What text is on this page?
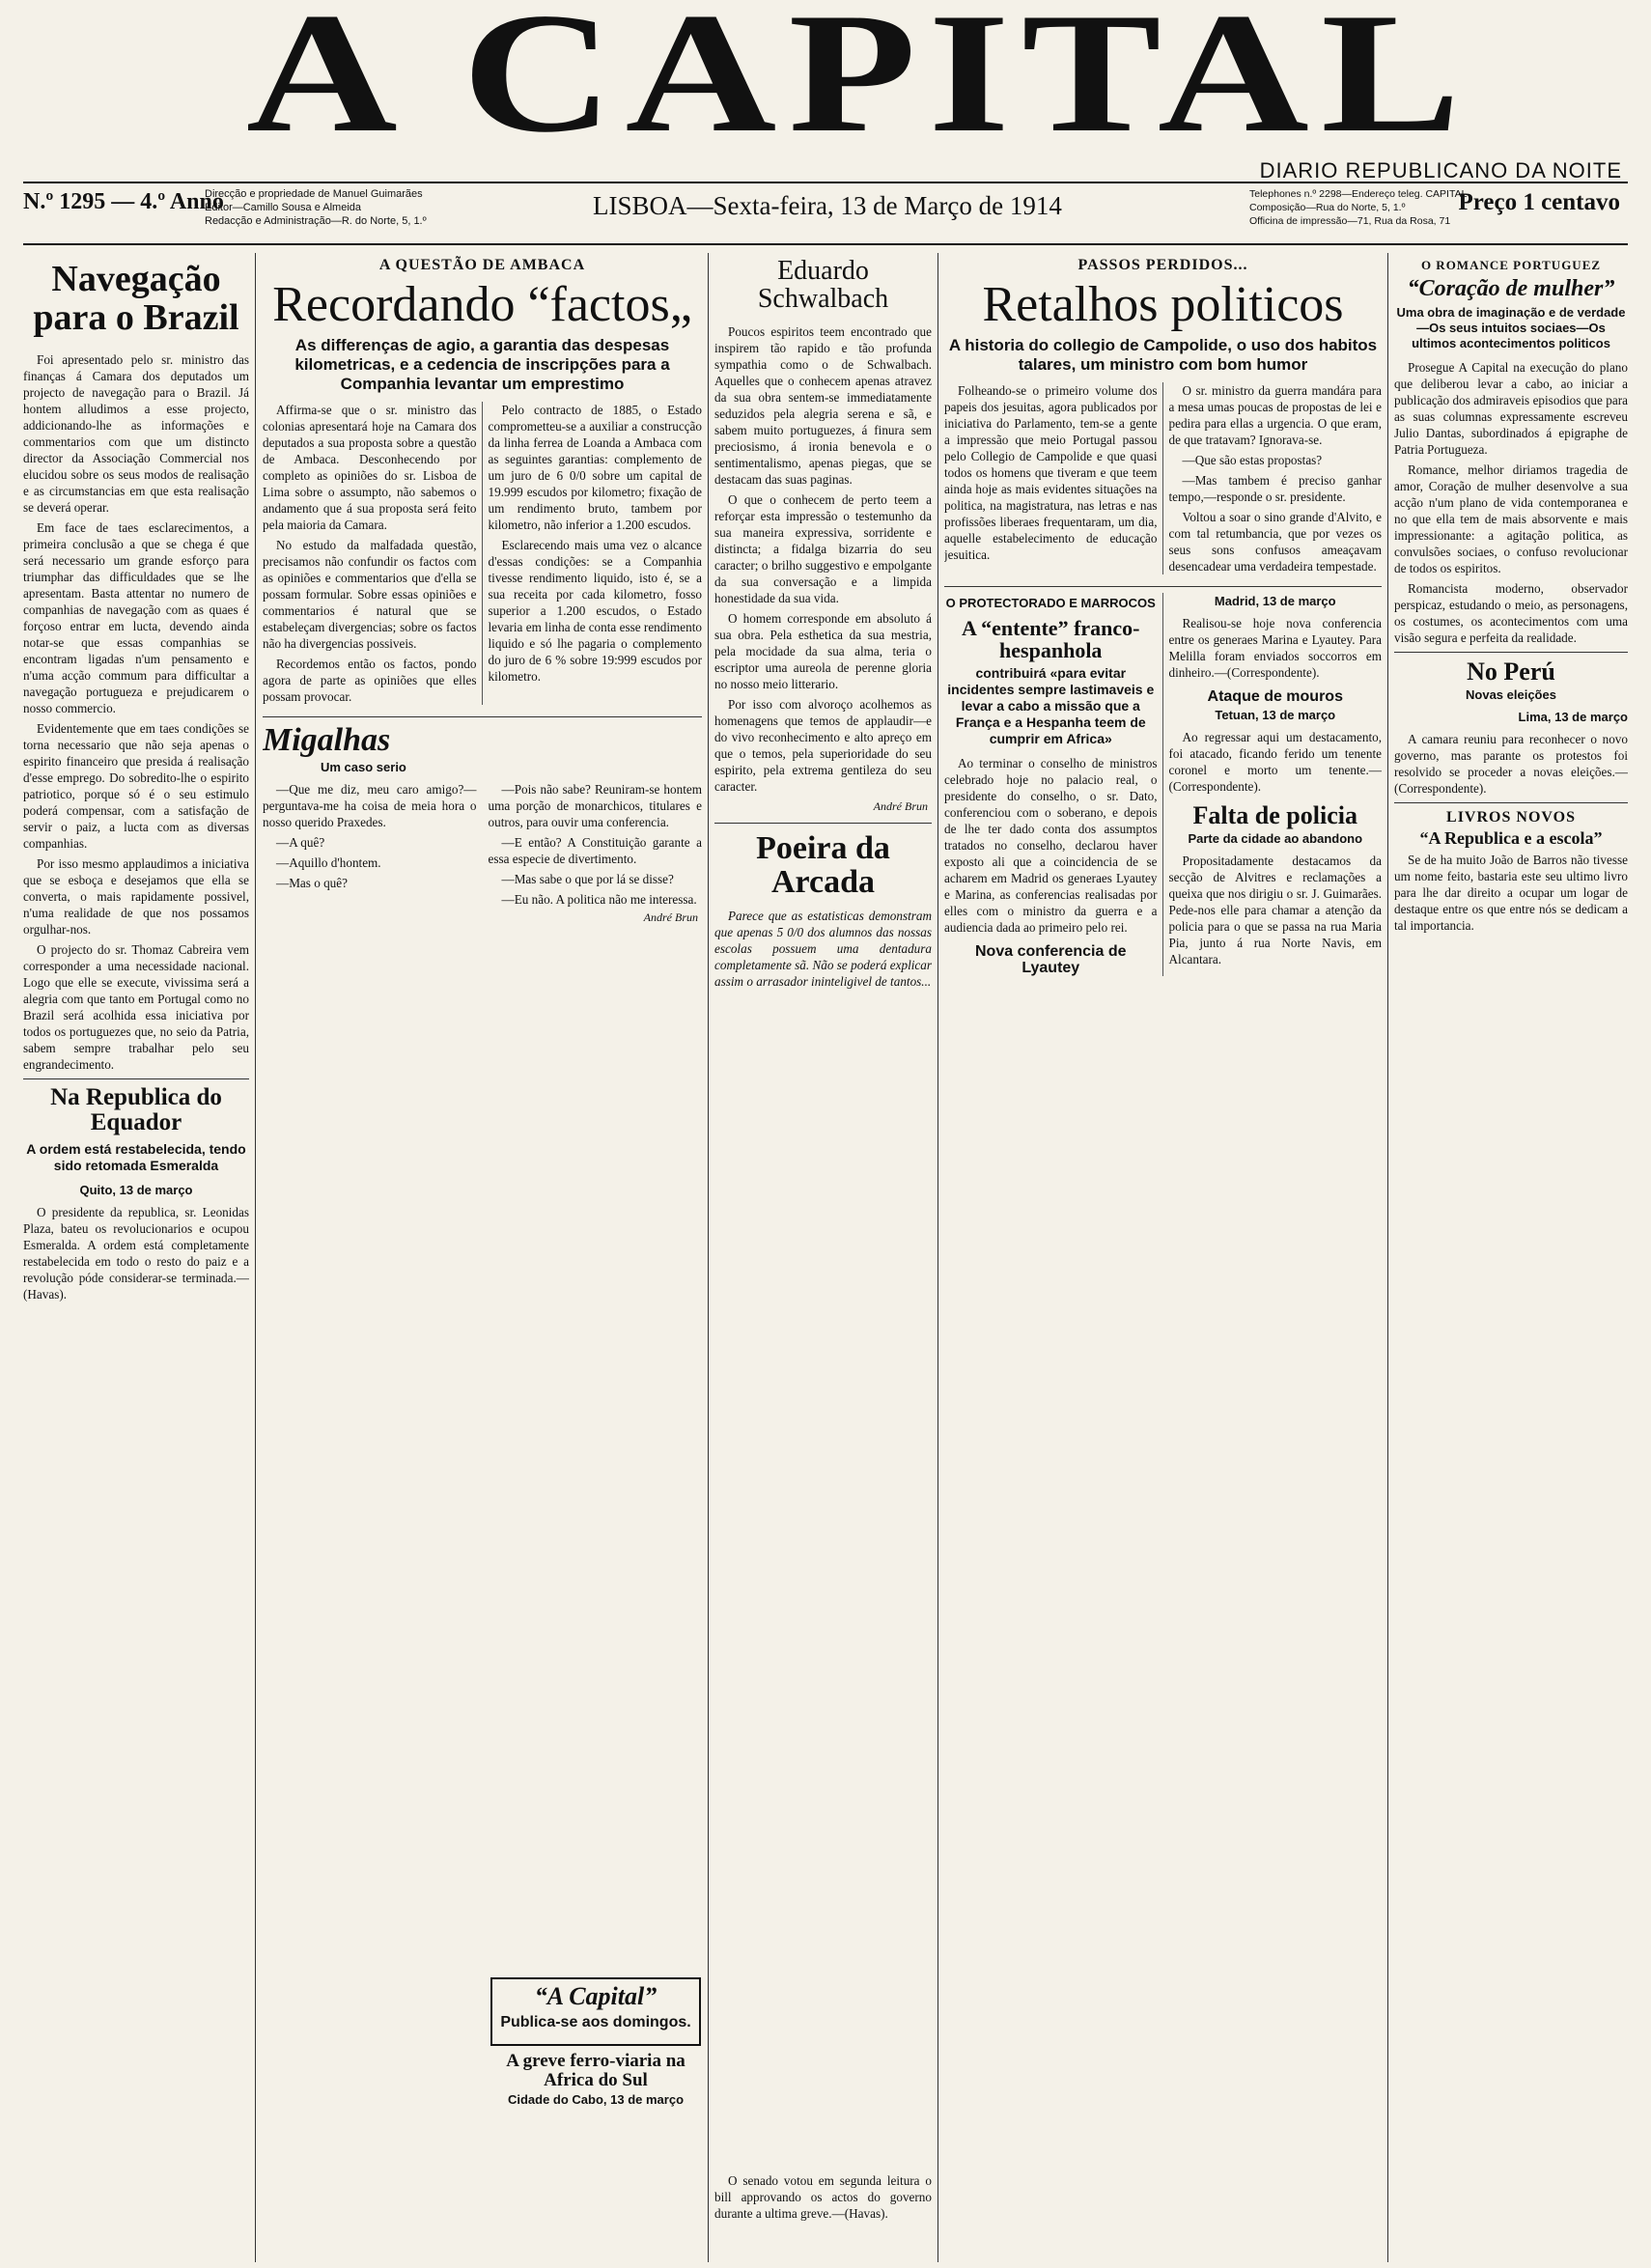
A CAPITAL
DIARIO REPUBLICANO DA NOITE
N.º 1295 — 4.º Anno
Direcção e propriedade de Manuel Guimarães
Editor—Camillo Sousa e Almeida
Redacção e Administração—R. do Norte, 5, 1.º
LISBOA—Sexta-feira, 13 de Março de 1914	Telephones n.º 2298—Endereço teleg. CAPITAL
Composição—Rua do Norte, 5, 1.º
Officina de impressão—71, Rua da Rosa, 71
Preço 1 centavo
Navegação para o Brazil

Foi apresentado pelo sr. ministro das finanças á Camara dos deputados um projecto de navegação para o Brazil. Já hontem alludimos a esse projecto, addicionando-lhe as informações e commentarios com que um distincto director da Associação Commercial nos elucidou sobre os seus modos de realisação e as circumstancias em que esta realisação se deverá operar.

Em face de taes esclarecimentos, a primeira conclusão a que se chega é que será necessario um grande esforço para triumphar das difficuldades que se lhe apresentam. Basta attentar no numero de companhias de navegação com as quaes é forçoso entrar em lucta, devendo ainda notar-se que essas companhias se encontram ligadas n'um pensamento e n'uma acção commum para difficultar a navegação portugueza e prejudicarem o nosso commercio.

Evidentemente que em taes condições se torna necessario que não seja apenas o espirito financeiro que presida á realisação d'esse emprego. Do sobredito-lhe o espirito patriotico, porque só é o seu estimulo poderá compensar, com a satisfação de servir o paiz, a lucta com as diversas companhias.

Por isso mesmo applaudimos a iniciativa que se esboça e desejamos que ella se converta, o mais rapidamente possivel, n'uma realidade de que nos possamos orgulhar-nos.

O projecto do sr. Thomaz Cabreira vem corresponder a uma necessidade nacional. Logo que elle se execute, vivissima será a alegria com que tanto em Portugal como no Brazil será acolhida essa iniciativa por todos os portuguezes que, no seio da Patria, sabem sempre trabalhar pelo seu engrandecimento.

Na Republica do Equador
A ordem está restabelecida, tendo sido retomada Esmeralda
Quito, 13 de março

O presidente da republica, sr. Leonidas Plaza, bateu os revolucionarios e ocupou Esmeralda. A ordem está completamente restabelecida em todo o resto do paiz e a revolução póde considerar-se terminada.—(Havas).

A QUESTÃO DE AMBACA
Recordando “factos„
As differenças de agio, a garantia das despesas kilometricas, e a cedencia de inscripções para a Companhia levantar um emprestimo

Affirma-se que o sr. ministro das colonias apresentará hoje na Camara dos deputados a sua proposta sobre a questão de Ambaca. Desconhecendo por completo as opiniões do sr. Lisboa de Lima sobre o assumpto, não sabemos o andamento que á sua proposta será feito pela maioria da Camara.

No estudo da malfadada questão, precisamos não confundir os factos com as opiniões e commentarios que d'ella se possam formular. Sobre essas opiniões e commentarios é natural que se estabeleçam divergencias; sobre os factos não ha divergencias possiveis.

Recordemos então os factos, pondo agora de parte as opiniões que elles possam provocar.

Pelo contracto de 1885, o Estado comprometteu-se a auxiliar a construcção da linha ferrea de Loanda a Ambaca com as seguintes garantias: complemento de um juro de 6 0/0 sobre um capital de 19.999 escudos por kilometro; fixação de um rendimento bruto, tambem por kilometro, não inferior a 1.200 escudos.

Esclarecendo mais uma vez o alcance d'essas condições: se a Companhia tivesse rendimento liquido, isto é, se a sua receita por cada kilometro, fosso superior a 1.200 escudos, o Estado levaria em linha de conta esse rendimento liquido e só lhe pagaria o complemento do juro de 6 % sobre 19:999 escudos por kilometro.

Migalhas
Um caso serio

—Que me diz, meu caro amigo?—perguntava-me ha coisa de meia hora o nosso querido Praxedes.

—A quê?

—Aquillo d'hontem.

—Mas o quê?

—Pois não sabe? Reuniram-se hontem uma porção de monarchicos, titulares e outros, para ouvir uma conferencia.

—E então? A Constituição garante a essa especie de divertimento.

—Mas sabe o que por lá se disse?

—Eu não. A politica não me interessa.

André Brun
Eduardo Schwalbach

Poucos espiritos teem encontrado que inspirem tão rapido e tão profunda sympathia como o de Schwalbach. Aquelles que o conhecem apenas atravez da sua obra sentem-se immediatamente seduzidos pela alegria serena e sã, e sabem muito portuguezes, á finura sem preciosismo, á ironia benevola e o sentimentalismo, apenas piegas, que se destacam das suas paginas.

O que o conhecem de perto teem a reforçar esta impressão o testemunho da sua maneira expressiva, sorridente e distincta; a fidalga bizarria do seu caracter; o brilho suggestivo e empolgante da sua conversação e a limpida honestidade da sua vida.

O homem corresponde em absoluto á sua obra. Pela esthetica da sua mestria, pela mocidade da sua alma, teria o escriptor uma aureola de perenne gloria no nosso meio litterario.

Por isso com alvoroço acolhemos as homenagens que temos de applaudir—e do vivo reconhecimento e alto apreço em que o temos, pela superioridade do seu espirito, pela extrema gentileza do seu caracter.

André Brun
Poeira da Arcada

Parece que as estatisticas demonstram que apenas 5 0/0 dos alumnos das nossas escolas possuem uma dentadura completamente sã. Não se poderá explicar assim o arrasador ininteligivel de tantos...

PASSOS PERDIDOS...
Retalhos politicos
A historia do collegio de Campolide, o uso dos habitos talares, um ministro com bom humor

Folheando-se o primeiro volume dos papeis dos jesuitas, agora publicados por iniciativa do Parlamento, tem-se a gente a impressão que meio Portugal passou pelo Collegio de Campolide e que quasi todos os homens que tiveram e que teem ainda hoje as mais evidentes situações na politica, na magistratura, nas letras e nas profissões liberaes frequentaram, um dia, aquelle estabelecimento de educação jesuitica.

O sr. ministro da guerra mandára para a mesa umas poucas de propostas de lei e pedira para ellas a urgencia. O que eram, de que tratavam? Ignorava-se.

—Que são estas propostas?

—Mas tambem é preciso ganhar tempo,—responde o sr. presidente.

Voltou a soar o sino grande d'Alvito, e com tal retumbancia, que por vezes os seus sons confusos ameaçavam desencadear uma verdadeira tempestade.

O PROTECTORADO E MARROCOS
A “entente” franco-hespanhola
contribuirá «para evitar incidentes sempre lastimaveis e levar a cabo a missão que a França e a Hespanha teem de cumprir em Africa»

Ao terminar o conselho de ministros celebrado hoje no palacio real, o presidente do conselho, o sr. Dato, conferenciou com o soberano, e depois de lhe ter dado conta dos assumptos tratados no conselho, declarou haver exposto ali que a coincidencia de se acharem em Madrid os generaes Lyautey e Marina, as conferencias realisadas por elles com o ministro da guerra e a audiencia dada ao primeiro pelo rei.

Nova conferencia de Lyautey
Madrid, 13 de março

Realisou-se hoje nova conferencia entre os generaes Marina e Lyautey. Para Melilla foram enviados soccorros em dinheiro.—(Correspondente).

Ataque de mouros
Tetuan, 13 de março

Ao regressar aqui um destacamento, foi atacado, ficando ferido um tenente coronel e morto um tenente.—(Correspondente).

Falta de policia
Parte da cidade ao abandono

Propositadamente destacamos da secção de Alvitres e reclamações a queixa que nos dirigiu o sr. J. Guimarães. Pede-nos elle para chamar a atenção da policia para o que se passa na rua Maria Pia, junto á rua Norte Navis, em Alcantara.

O ROMANCE PORTUGUEZ
“Coração de mulher”
Uma obra de imaginação e de verdade—Os seus intuitos sociaes—Os ultimos acontecimentos politicos

Prosegue A Capital na execução do plano que deliberou levar a cabo, ao iniciar a publicação dos admiraveis episodios que para as suas columnas expressamente escreveu Julio Dantas, subordinados á epigraphe de Patria Portugueza.

Romance, melhor diriamos tragedia de amor, Coração de mulher desenvolve a sua acção n'um plano de vida contemporanea e no que ella tem de mais absorvente e mais impressionante: a agitação politica, as convulsões sociaes, o confuso revolucionar de todos os espiritos.

Romancista moderno, observador perspicaz, estudando o meio, as personagens, os costumes, os acontecimentos com uma visão segura e perfeita da realidade.

No Perú
Novas eleições
Lima, 13 de março

A camara reuniu para reconhecer o novo governo, mas parante os protestos foi resolvido se proceder a novas eleições.—(Correspondente).

LIVROS NOVOS
“A Republica e a escola”

Se de ha muito João de Barros não tivesse um nome feito, bastaria este seu ultimo livro para lhe dar direito a ocupar um logar de destaque entre os que entre nós se dedicam a tal importancia.

“A Capital”
Publica-se aos domingos.
A greve ferro-viaria na Africa do Sul
Cidade do Cabo, 13 de março

O senado votou em segunda leitura o bill approvando os actos do governo durante a ultima greve.—(Havas).
